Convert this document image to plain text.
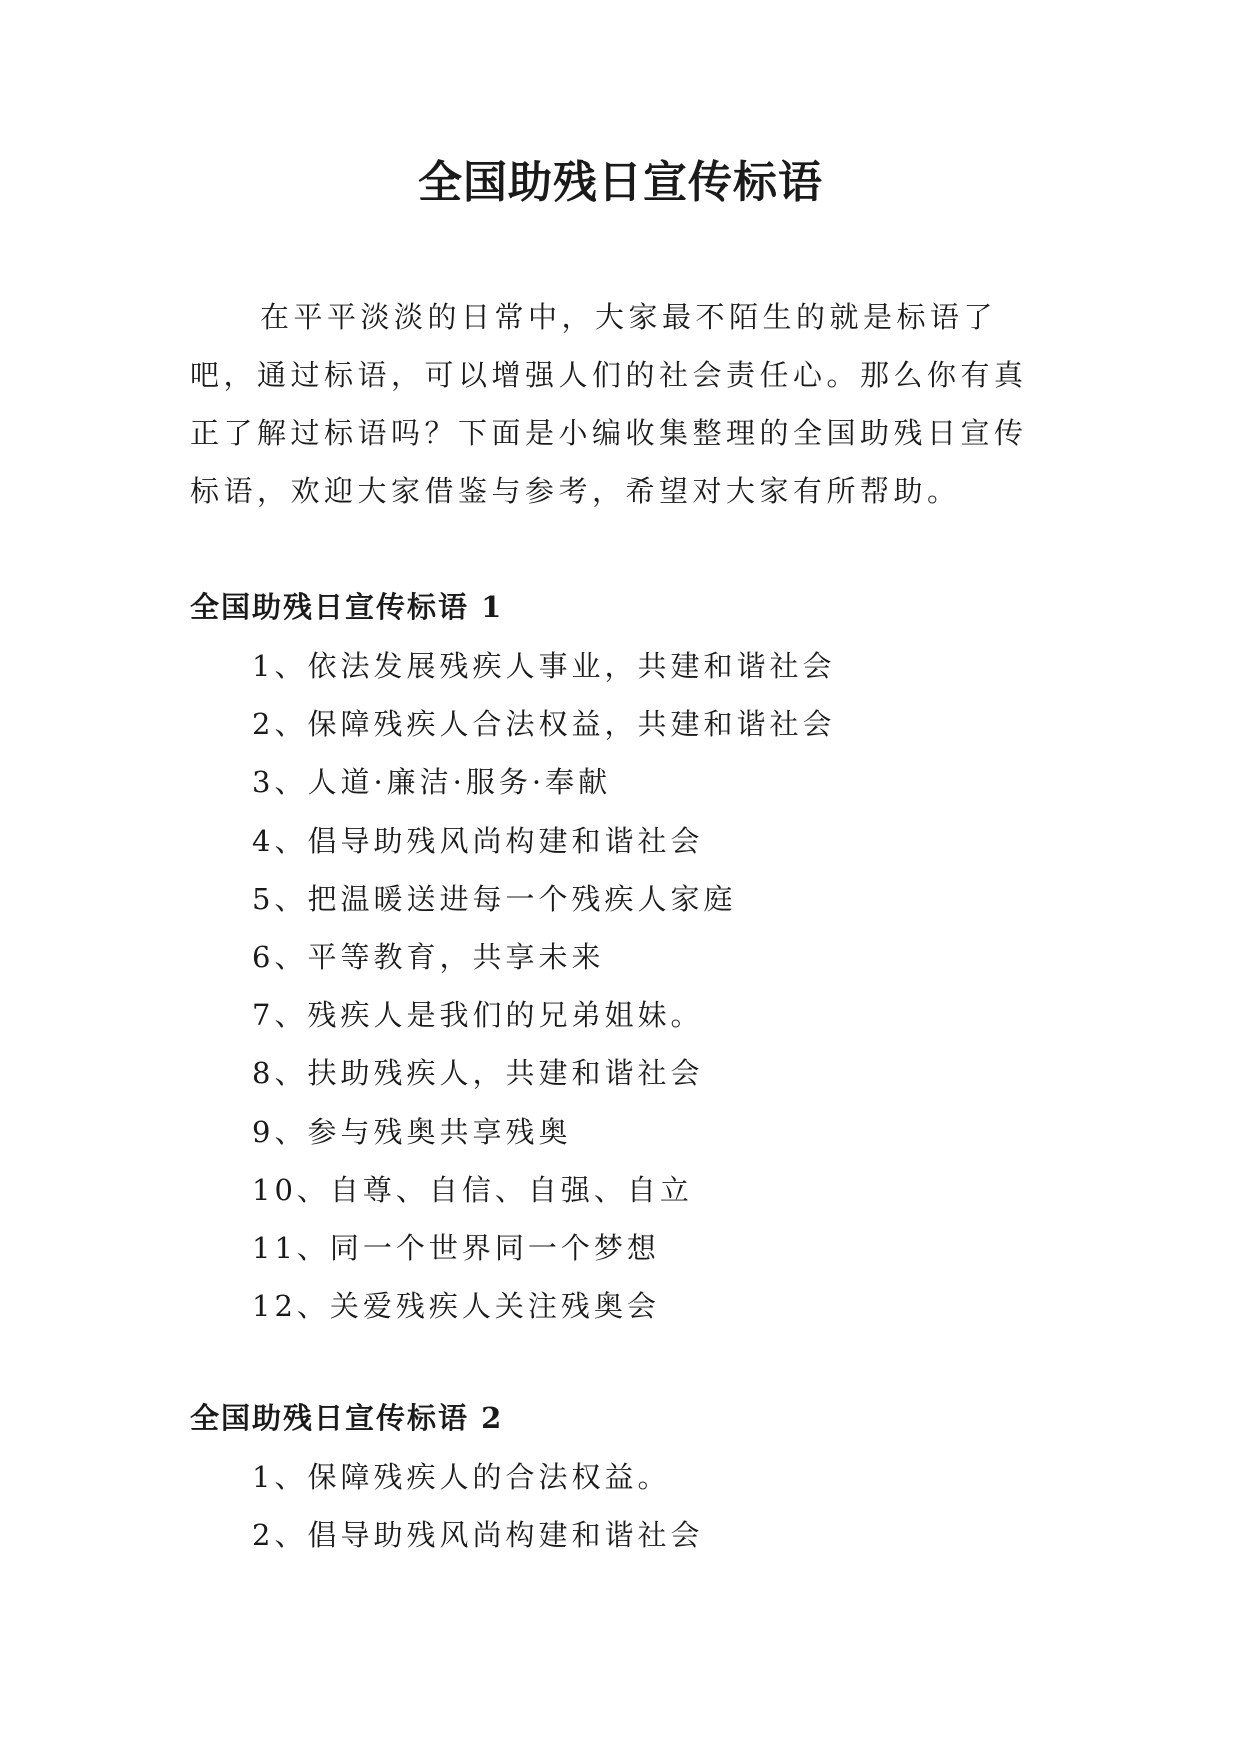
全国助残日宣传标语

在平平淡淡的日常中，大家最不陌生的就是标语了吧，通过标语，可以增强人们的社会责任心。那么你有真正了解过标语吗？下面是小编收集整理的全国助残日宣传标语，欢迎大家借鉴与参考，希望对大家有所帮助。

全国助残日宣传标语 1
1、依法发展残疾人事业，共建和谐社会
2、保障残疾人合法权益，共建和谐社会
3、人道·廉洁·服务·奉献
4、倡导助残风尚构建和谐社会
5、把温暖送进每一个残疾人家庭
6、平等教育，共享未来
7、残疾人是我们的兄弟姐妹。
8、扶助残疾人，共建和谐社会
9、参与残奥共享残奥
10、自尊、自信、自强、自立
11、同一个世界同一个梦想
12、关爱残疾人关注残奥会
全国助残日宣传标语 2
1、保障残疾人的合法权益。
2、倡导助残风尚构建和谐社会
